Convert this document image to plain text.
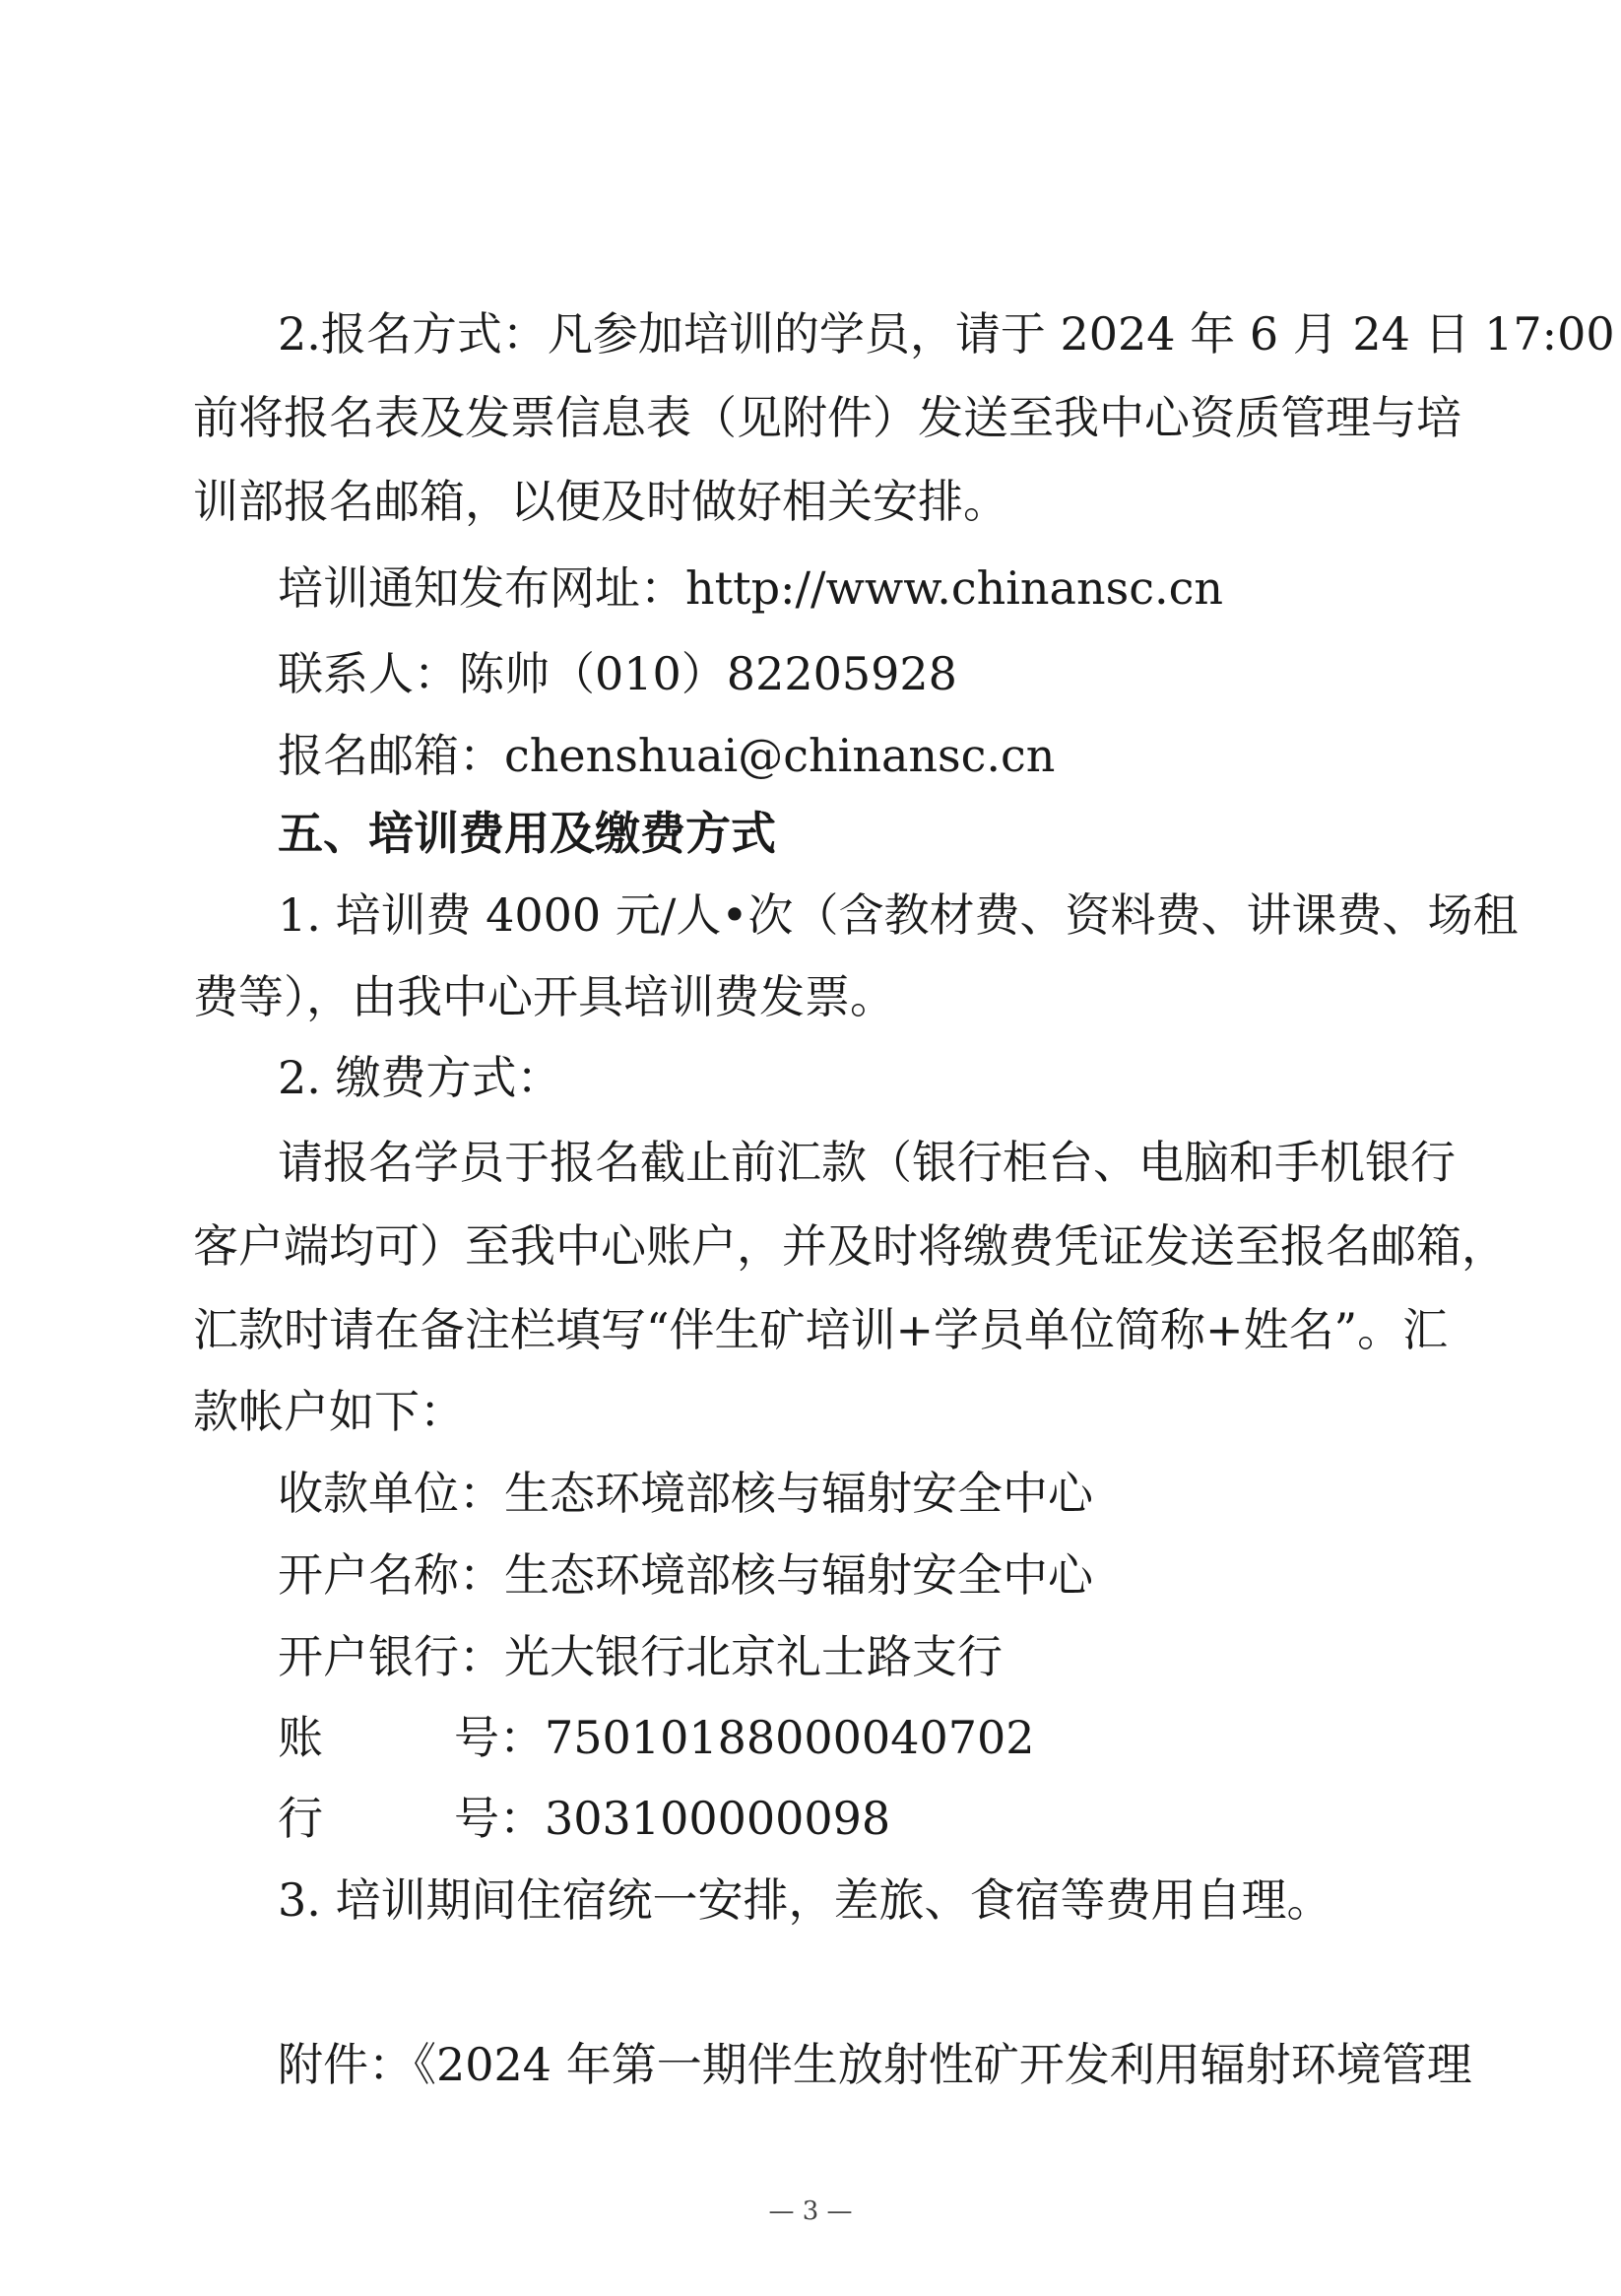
2.报名方式：凡参加培训的学员，请于 2024 年 6 月 24 日 17:00
前将报名表及发票信息表（见附件）发送至我中心资质管理与培
训部报名邮箱，以便及时做好相关安排。
培训通知发布网址：http://www.chinansc.cn
联系人：陈帅（010）82205928
报名邮箱：chenshuai@chinansc.cn
五、培训费用及缴费方式
1. 培训费 4000 元/人•次（含教材费、资料费、讲课费、场租
费等），由我中心开具培训费发票。
2. 缴费方式：
请报名学员于报名截止前汇款（银行柜台、电脑和手机银行
客户端均可）至我中心账户，并及时将缴费凭证发送至报名邮箱，
汇款时请在备注栏填写“伴生矿培训+学员单位简称+姓名”。汇
款帐户如下：
收款单位：生态环境部核与辐射安全中心
开户名称：生态环境部核与辐射安全中心
开户银行：光大银行北京礼士路支行
账号：75010188000040702
行号：303100000098
3. 培训期间住宿统一安排，差旅、食宿等费用自理。
附件：《2024 年第一期伴生放射性矿开发利用辐射环境管理
— 3 —
